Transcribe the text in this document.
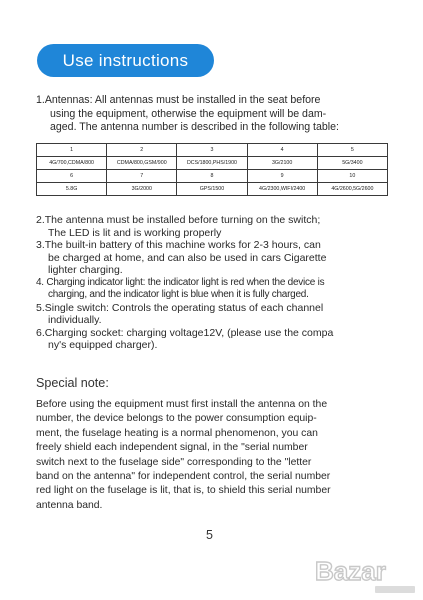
Use instructions

1.Antennas: All antennas must be installed in the seat before
using the equipment, otherwise the equipment will be dam-
aged. The antenna number is described in the following table:

1	2	3	4	5
4G/700,CDMA/800	CDMA/800,GSM/900	DCS/1800,PHS/1900	3G/2100	5G/3400
6	7	8	9	10
5.8G	3G/2000	GPS/1500	4G/2300,WIFI/2400	4G/2600,5G/2600

2.The antenna must be installed before turning on the switch;
The LED is lit and is working properly

3.The built-in battery of this machine works for 2-3 hours, can
be charged at home, and can also be used in cars Cigarette
lighter charging.

4. Charging indicator light: the indicator light is red when the device is
charging, and the indicator light is blue when it is fully charged.

5.Single switch: Controls the operating status of each channel
individually.

6.Charging socket: charging voltage12V, (please use the compa
ny's equipped charger).

Special note:

Before using the equipment must first install the antenna on the
number, the device belongs to the power consumption equip-
ment, the fuselage heating is a normal phenomenon, you can
freely shield each independent signal, in the "serial number
switch next to the fuselage side" corresponding to the "letter
band on the antenna" for independent control, the serial number
red light on the fuselage is lit, that is, to shield this serial number
antenna band.

5
Bazar
